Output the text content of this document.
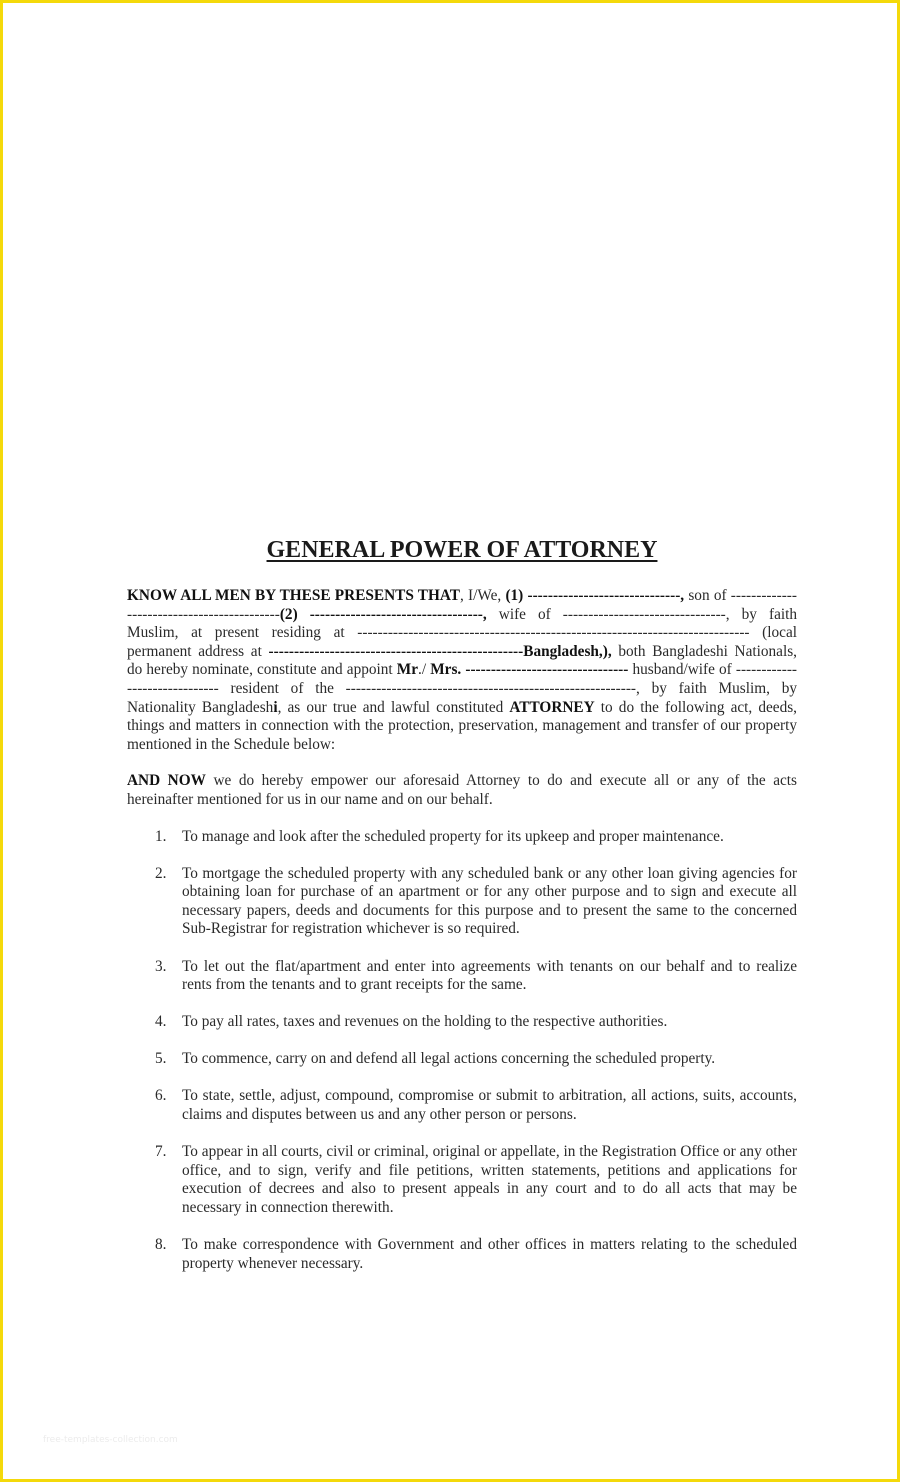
GENERAL POWER OF ATTORNEY

KNOW ALL MEN BY THESE PRESENTS THAT, I/We, (1) ------------------------------, son of -------------------------------------------(2) ----------------------------------, wife of --------------------------------, by faith Muslim, at present residing at ----------------------------------------------------------------------------- (local permanent address at --------------------------------------------------Bangladesh,), both Bangladeshi Nationals, do hereby nominate, constitute and appoint Mr./ Mrs. -------------------------------- husband/wife of ------------------------------ resident of the ---------------------------------------------------------, by faith Muslim, by Nationality Bangladeshi, as our true and lawful constituted ATTORNEY to do the following act, deeds, things and matters in connection with the protection, preservation, management and transfer of our property mentioned in the Schedule below:

AND NOW we do hereby empower our aforesaid Attorney to do and execute all or any of the acts hereinafter mentioned for us in our name and on our behalf.

1. To manage and look after the scheduled property for its upkeep and proper maintenance.
2. To mortgage the scheduled property with any scheduled bank or any other loan giving agencies for obtaining loan for purchase of an apartment or for any other purpose and to sign and execute all necessary papers, deeds and documents for this purpose and to present the same to the concerned Sub-Registrar for registration whichever is so required.
3. To let out the flat/apartment and enter into agreements with tenants on our behalf and to realize rents from the tenants and to grant receipts for the same.
4. To pay all rates, taxes and revenues on the holding to the respective authorities.
5. To commence, carry on and defend all legal actions concerning the scheduled property.
6. To state, settle, adjust, compound, compromise or submit to arbitration, all actions, suits, accounts, claims and disputes between us and any other person or persons.
7. To appear in all courts, civil or criminal, original or appellate, in the Registration Office or any other office, and to sign, verify and file petitions, written statements, petitions and applications for execution of decrees and also to present appeals in any court and to do all acts that may be necessary in connection therewith.
8. To make correspondence with Government and other offices in matters relating to the scheduled property whenever necessary.
free-templates-collection.com
